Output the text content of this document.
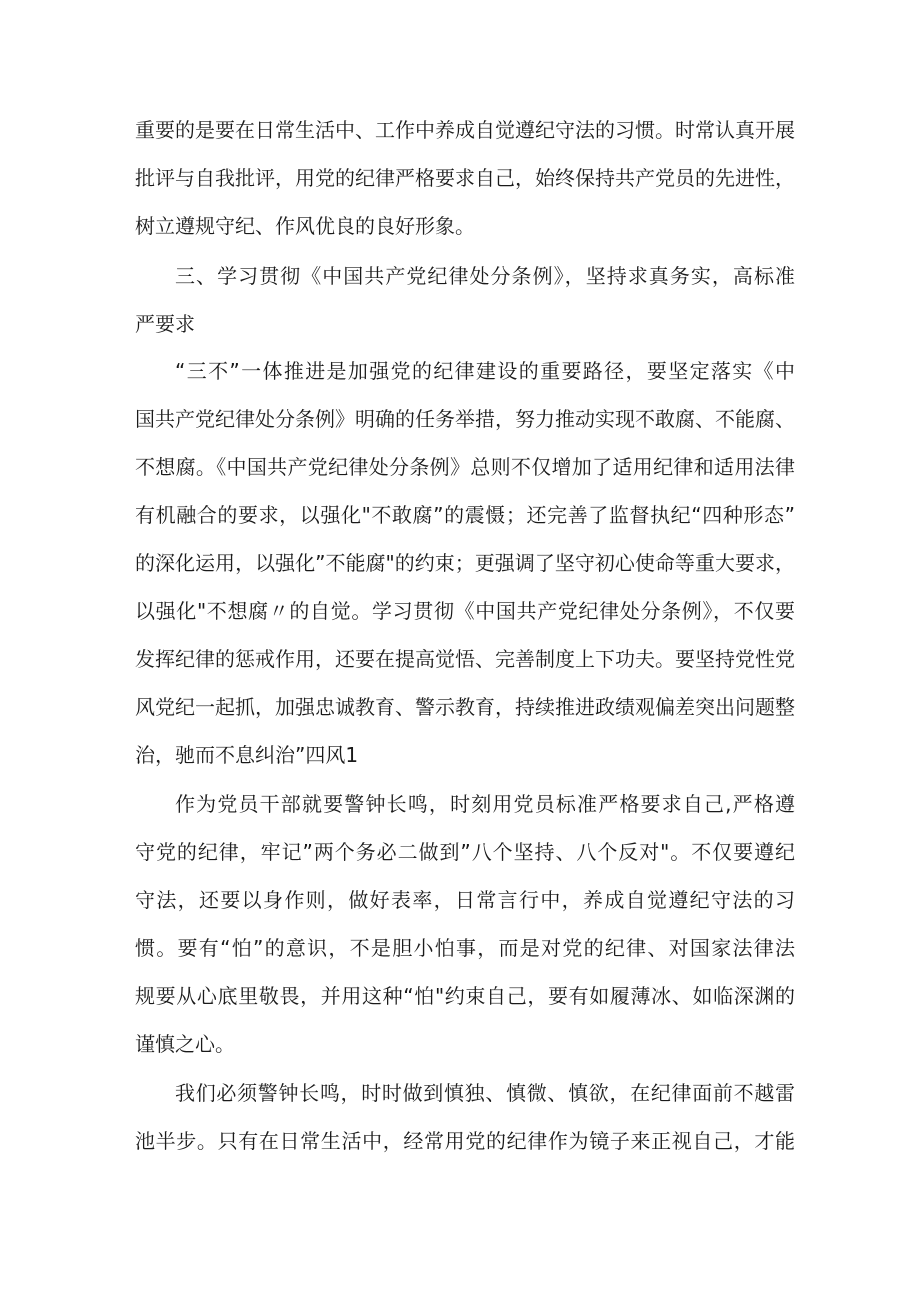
重要的是要在日常生活中、工作中养成自觉遵纪守法的习惯。时常认真开展
批评与自我批评，用党的纪律严格要求自己，始终保持共产党员的先进性，
树立遵规守纪、作风优良的良好形象。
三、学习贯彻《中国共产党纪律处分条例》，坚持求真务实，高标准
严要求
“三不”一体推进是加强党的纪律建设的重要路径，要坚定落实《中
国共产党纪律处分条例》明确的任务举措，努力推动实现不敢腐、不能腐、
不想腐。《中国共产党纪律处分条例》总则不仅增加了适用纪律和适用法律
有机融合的要求，以强化"不敢腐”的震慑；还完善了监督执纪“四种形态”
的深化运用，以强化”不能腐"的约束；更强调了坚守初心使命等重大要求，
以强化"不想腐〃的自觉。学习贯彻《中国共产党纪律处分条例》，不仅要
发挥纪律的惩戒作用，还要在提高觉悟、完善制度上下功夫。要坚持党性党
风党纪一起抓，加强忠诚教育、警示教育，持续推进政绩观偏差突出问题整
治，驰而不息纠治”四风1
作为党员干部就要警钟长鸣，时刻用党员标准严格要求自己,严格遵
守党的纪律，牢记”两个务必二做到”八个坚持、八个反对"。不仅要遵纪
守法，还要以身作则，做好表率，日常言行中，养成自觉遵纪守法的习
惯。要有“怕”的意识，不是胆小怕事，而是对党的纪律、对国家法律法
规要从心底里敬畏，并用这种“怕"约束自己，要有如履薄冰、如临深渊的
谨慎之心。
我们必须警钟长鸣，时时做到慎独、慎微、慎欲，在纪律面前不越雷
池半步。只有在日常生活中，经常用党的纪律作为镜子来正视自己，才能
